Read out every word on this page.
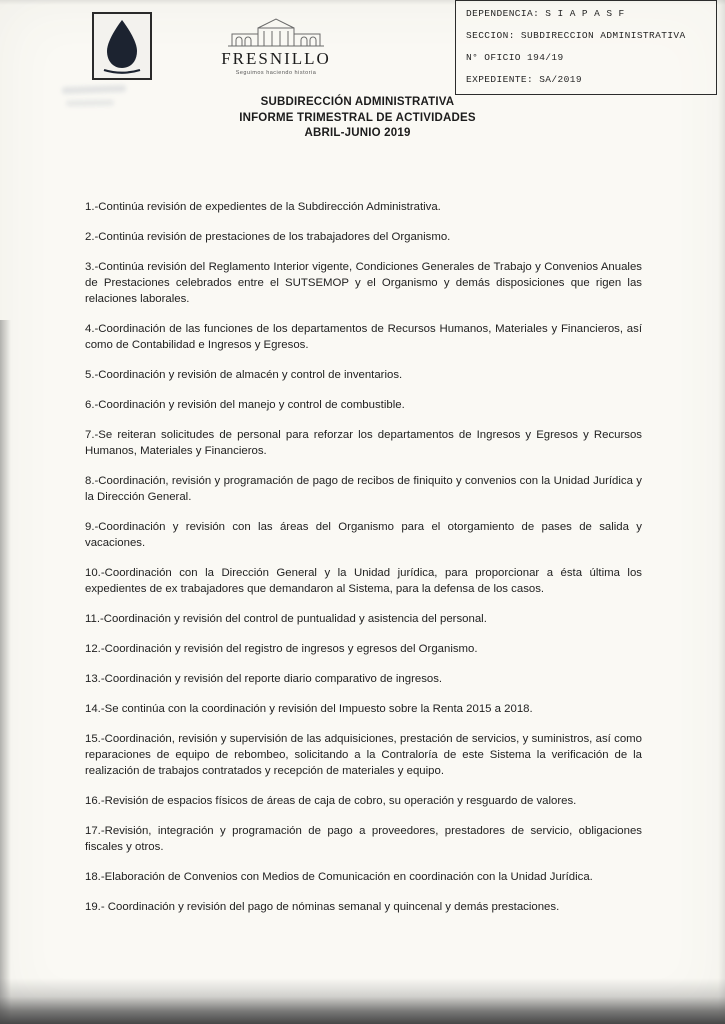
FRESNILLO
Seguimos haciendo historia
DEPENDENCIA: S I A P A S F
SECCION: SUBDIRECCION ADMINISTRATIVA
N° OFICIO 194/19
EXPEDIENTE: SA/2019
SUBDIRECCIÓN ADMINISTRATIVA
INFORME TRIMESTRAL DE ACTIVIDADES
ABRIL-JUNIO 2019

1.-Continúa revisión de expedientes de la Subdirección Administrativa.

2.-Continúa revisión de prestaciones de los trabajadores del Organismo.

3.-Continúa revisión del Reglamento Interior vigente, Condiciones Generales de Trabajo y Convenios Anuales de Prestaciones celebrados entre el SUTSEMOP y el Organismo y demás disposiciones que rigen las relaciones laborales.

4.-Coordinación de las funciones de los departamentos de Recursos Humanos, Materiales y Financieros, así como de Contabilidad e Ingresos y Egresos.

5.-Coordinación y revisión de almacén y control de inventarios.

6.-Coordinación y revisión del manejo y control de combustible.

7.-Se reiteran solicitudes de personal para reforzar los departamentos de Ingresos y Egresos y Recursos Humanos, Materiales y Financieros.

8.-Coordinación, revisión y programación de pago de recibos de finiquito y convenios con la Unidad Jurídica y la Dirección General.

9.-Coordinación y revisión con las áreas del Organismo para el otorgamiento de pases de salida y vacaciones.

10.-Coordinación con la Dirección General y la Unidad jurídica, para proporcionar a ésta última los expedientes de ex trabajadores que demandaron al Sistema, para la defensa de los casos.

11.-Coordinación y revisión del control de puntualidad y asistencia del personal.

12.-Coordinación y revisión del registro de ingresos y egresos del Organismo.

13.-Coordinación y revisión del reporte diario comparativo de ingresos.

14.-Se continúa con la coordinación y revisión del Impuesto sobre la Renta 2015 a 2018.

15.-Coordinación, revisión y supervisión de las adquisiciones, prestación de servicios, y suministros, así como reparaciones de equipo de rebombeo, solicitando a la Contraloría de este Sistema la verificación de la realización de trabajos contratados y recepción de materiales y equipo.

16.-Revisión de espacios físicos de áreas de caja de cobro, su operación y resguardo de valores.

17.-Revisión, integración y programación de pago a proveedores, prestadores de servicio, obligaciones fiscales y otros.

18.-Elaboración de Convenios con Medios de Comunicación en coordinación con la Unidad Jurídica.

19.- Coordinación y revisión del pago de nóminas semanal y quincenal y demás prestaciones.
